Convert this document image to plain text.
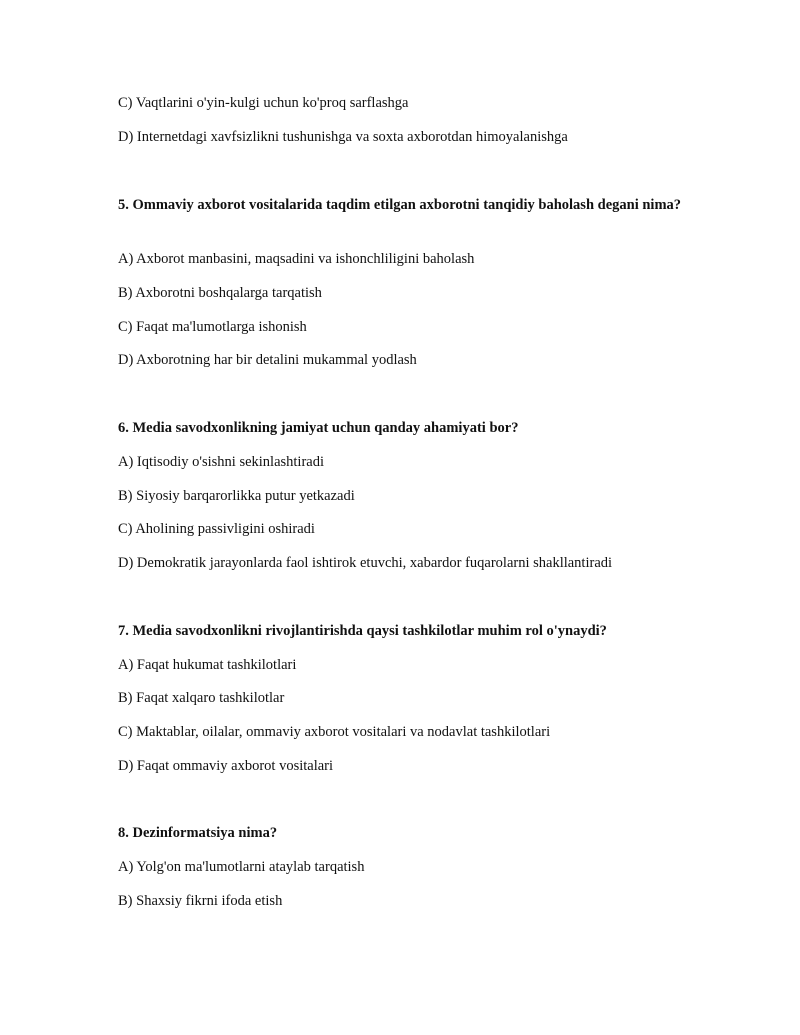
C) Vaqtlarini o'yin-kulgi uchun ko'proq sarflashga
D) Internetdagi xavfsizlikni tushunishga va soxta axborotdan himoyalanishga
5. Ommaviy axborot vositalarida taqdim etilgan axborotni tanqidiy baholash degani nima?
A) Axborot manbasini, maqsadini va ishonchliligini baholash
B) Axborotni boshqalarga tarqatish
C) Faqat ma'lumotlarga ishonish
D) Axborotning har bir detalini mukammal yodlash
6. Media savodxonlikning jamiyat uchun qanday ahamiyati bor?
A) Iqtisodiy o'sishni sekinlashtiradi
B) Siyosiy barqarorlikka putur yetkazadi
C) Aholining passivligini oshiradi
D) Demokratik jarayonlarda faol ishtirok etuvchi, xabardor fuqarolarni shakllantiradi
7. Media savodxonlikni rivojlantirishda qaysi tashkilotlar muhim rol o'ynaydi?
A) Faqat hukumat tashkilotlari
B) Faqat xalqaro tashkilotlar
C) Maktablar, oilalar, ommaviy axborot vositalari va nodavlat tashkilotlari
D) Faqat ommaviy axborot vositalari
8. Dezinformatsiya nima?
A) Yolg'on ma'lumotlarni ataylab tarqatish
B) Shaxsiy fikrni ifoda etish
